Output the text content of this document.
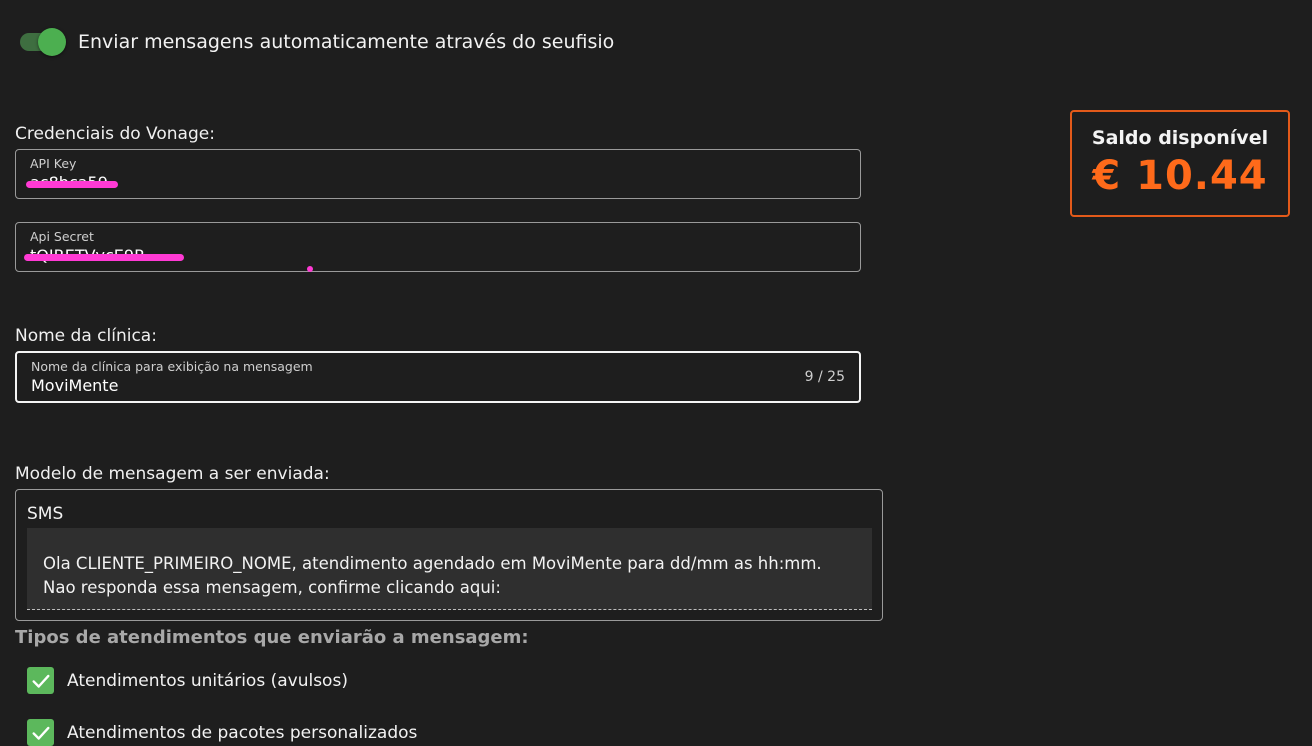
Enviar mensagens automaticamente através do seufisio
Credenciais do Vonage:
API Key
Api Secret
Nome da clínica:
Nome da clínica para exibição na mensagem
MoviMente	9 / 25
Saldo disponível
€ 10.44
Modelo de mensagem a ser enviada:
SMS
Ola CLIENTE_PRIMEIRO_NOME, atendimento agendado em MoviMente para dd/mm as hh:mm. Nao responda essa mensagem, confirme clicando aqui:
Tipos de atendimentos que enviarão a mensagem:
Atendimentos unitários (avulsos)
Atendimentos de pacotes personalizados
